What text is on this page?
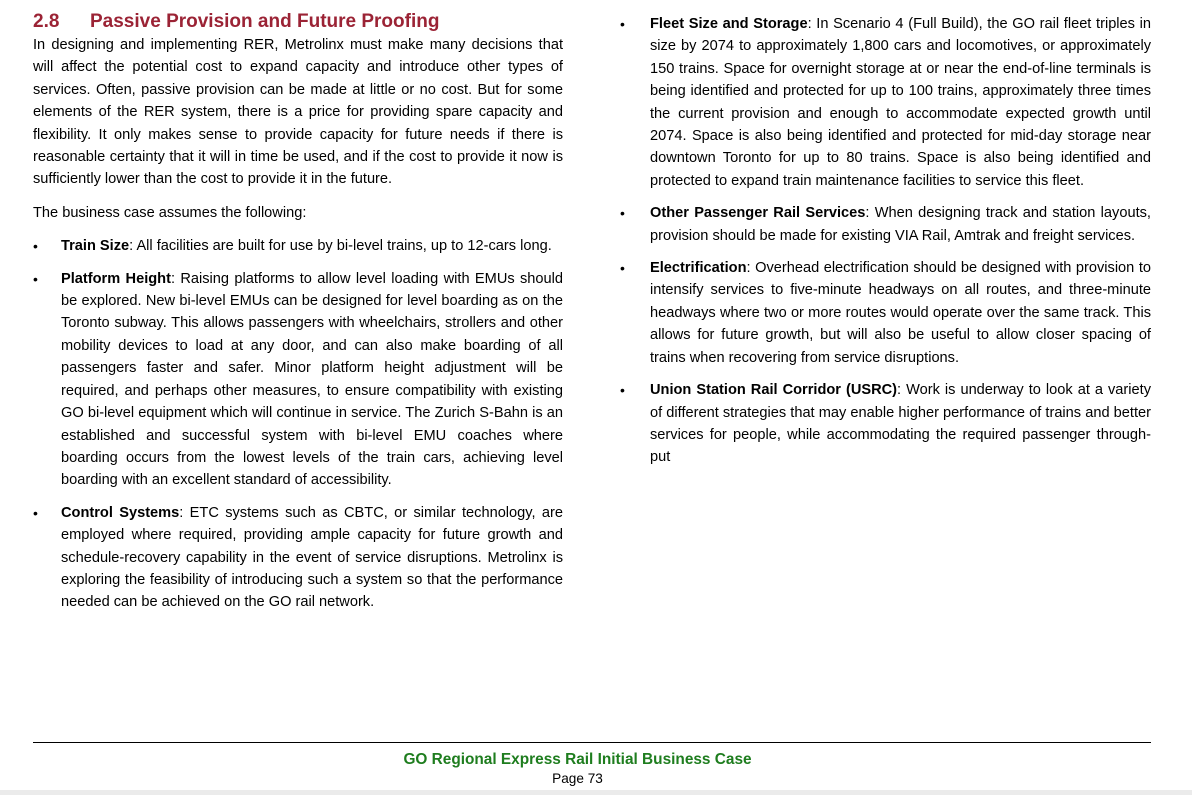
2.8	Passive Provision and Future Proofing

In designing and implementing RER, Metrolinx must make many decisions that will affect the potential cost to expand capacity and introduce other types of services. Often, passive provision can be made at little or no cost. But for some elements of the RER system, there is a price for providing spare capacity and flexibility. It only makes sense to provide capacity for future needs if there is reasonable certainty that it will in time be used, and if the cost to provide it now is sufficiently lower than the cost to provide it in the future.

The business case assumes the following:

•	Train Size: All facilities are built for use by bi-level trains, up to 12-cars long.
•	Platform Height: Raising platforms to allow level loading with EMUs should be explored. New bi-level EMUs can be designed for level boarding as on the Toronto subway. This allows passengers with wheelchairs, strollers and other mobility devices to load at any door, and can also make boarding of all passengers faster and safer. Minor platform height adjustment will be required, and perhaps other measures, to ensure compatibility with existing GO bi-level equipment which will continue in service. The Zurich S-Bahn is an established and successful system with bi-level EMU coaches where boarding occurs from the lowest levels of the train cars, achieving level boarding with an excellent standard of accessibility.
•	Control Systems: ETC systems such as CBTC, or similar technology, are employed where required, providing ample capacity for future growth and schedule-recovery capability in the event of service disruptions. Metrolinx is exploring the feasibility of introducing such a system so that the performance needed can be achieved on the GO rail network.
•	Fleet Size and Storage: In Scenario 4 (Full Build), the GO rail fleet triples in size by 2074 to approximately 1,800 cars and locomotives, or approximately 150 trains. Space for overnight storage at or near the end-of-line terminals is being identified and protected for up to 100 trains, approximately three times the current provision and enough to accommodate expected growth until 2074. Space is also being identified and protected for mid-day storage near downtown Toronto for up to 80 trains. Space is also being identified and protected to expand train maintenance facilities to service this fleet.
•	Other Passenger Rail Services: When designing track and station layouts, provision should be made for existing VIA Rail, Amtrak and freight services.
•	Electrification: Overhead electrification should be designed with provision to intensify services to five-minute headways on all routes, and three-minute headways where two or more routes would operate over the same track. This allows for future growth, but will also be useful to allow closer spacing of trains when recovering from service disruptions.
•	Union Station Rail Corridor (USRC): Work is underway to look at a variety of different strategies that may enable higher performance of trains and better services for people, while accommodating the required passenger through-put
GO Regional Express Rail Initial Business Case
Page 73
